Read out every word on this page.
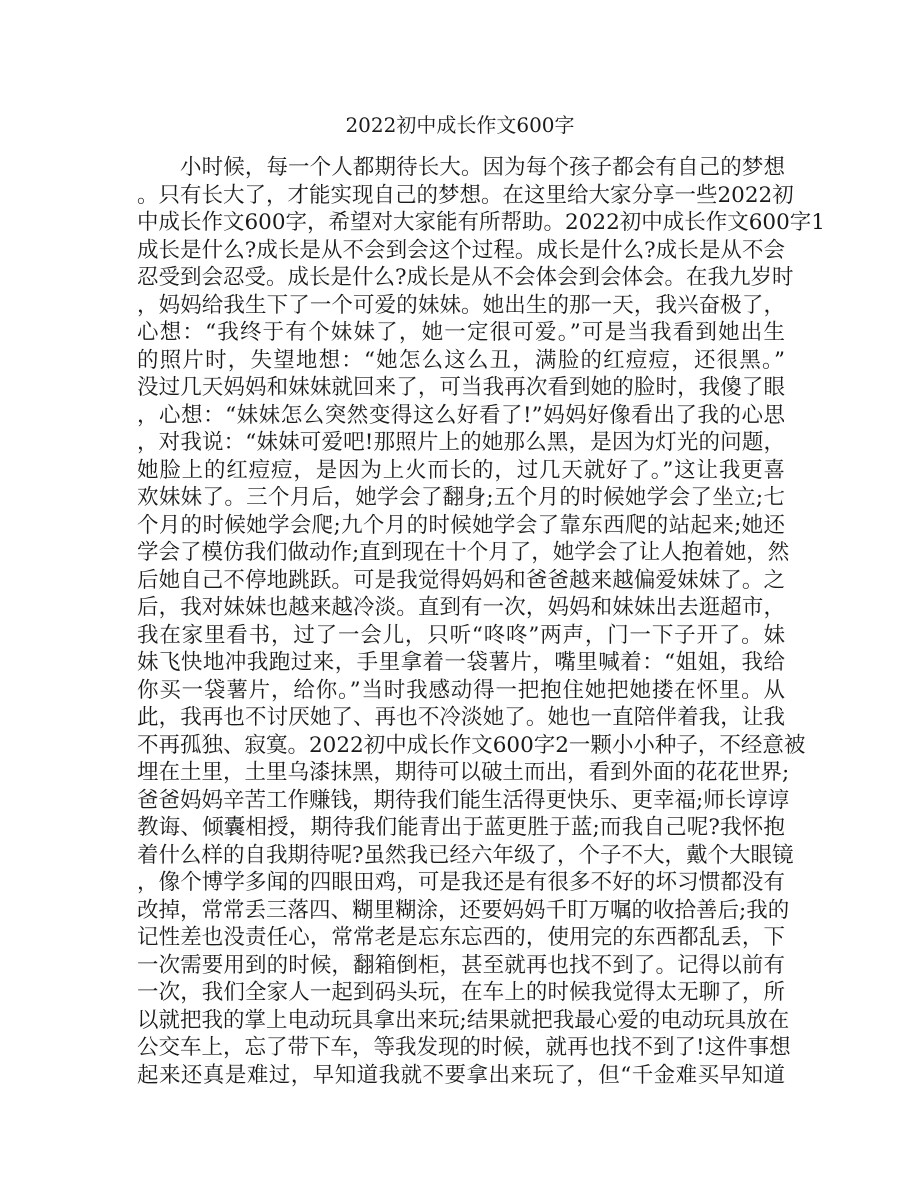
2022初中成长作文600字
小时候，每一个人都期待长大。因为每个孩子都会有自己的梦想
。只有长大了，才能实现自己的梦想。在这里给大家分享一些2022初
中成长作文600字，希望对大家能有所帮助。2022初中成长作文600字1
成长是什么?成长是从不会到会这个过程。成长是什么?成长是从不会
忍受到会忍受。成长是什么?成长是从不会体会到会体会。在我九岁时
，妈妈给我生下了一个可爱的妹妹。她出生的那一天，我兴奋极了，
心想：“我终于有个妹妹了，她一定很可爱。”可是当我看到她出生
的照片时，失望地想：“她怎么这么丑，满脸的红痘痘，还很黑。”
没过几天妈妈和妹妹就回来了，可当我再次看到她的脸时，我傻了眼
，心想：“妹妹怎么突然变得这么好看了!”妈妈好像看出了我的心思
，对我说：“妹妹可爱吧!那照片上的她那么黑，是因为灯光的问题，
她脸上的红痘痘，是因为上火而长的，过几天就好了。”这让我更喜
欢妹妹了。三个月后，她学会了翻身;五个月的时候她学会了坐立;七
个月的时候她学会爬;九个月的时候她学会了靠东西爬的站起来;她还
学会了模仿我们做动作;直到现在十个月了，她学会了让人抱着她，然
后她自己不停地跳跃。可是我觉得妈妈和爸爸越来越偏爱妹妹了。之
后，我对妹妹也越来越冷淡。直到有一次，妈妈和妹妹出去逛超市，
我在家里看书，过了一会儿，只听“咚咚”两声，门一下子开了。妹
妹飞快地冲我跑过来，手里拿着一袋薯片，嘴里喊着：“姐姐，我给
你买一袋薯片，给你。”当时我感动得一把抱住她把她搂在怀里。从
此，我再也不讨厌她了、再也不冷淡她了。她也一直陪伴着我，让我
不再孤独、寂寞。2022初中成长作文600字2一颗小小种子，不经意被
埋在土里，土里乌漆抹黑，期待可以破土而出，看到外面的花花世界;
爸爸妈妈辛苦工作赚钱，期待我们能生活得更快乐、更幸福;师长谆谆
教诲、倾囊相授，期待我们能青出于蓝更胜于蓝;而我自己呢?我怀抱
着什么样的自我期待呢?虽然我已经六年级了，个子不大，戴个大眼镜
，像个博学多闻的四眼田鸡，可是我还是有很多不好的坏习惯都没有
改掉，常常丢三落四、糊里糊涂，还要妈妈千盯万嘱的收拾善后;我的
记性差也没责任心，常常老是忘东忘西的，使用完的东西都乱丢，下
一次需要用到的时候，翻箱倒柜，甚至就再也找不到了。记得以前有
一次，我们全家人一起到码头玩，在车上的时候我觉得太无聊了，所
以就把我的掌上电动玩具拿出来玩;结果就把我最心爱的电动玩具放在
公交车上，忘了带下车，等我发现的时候，就再也找不到了!这件事想
起来还真是难过，早知道我就不要拿出来玩了，但“千金难买早知道
